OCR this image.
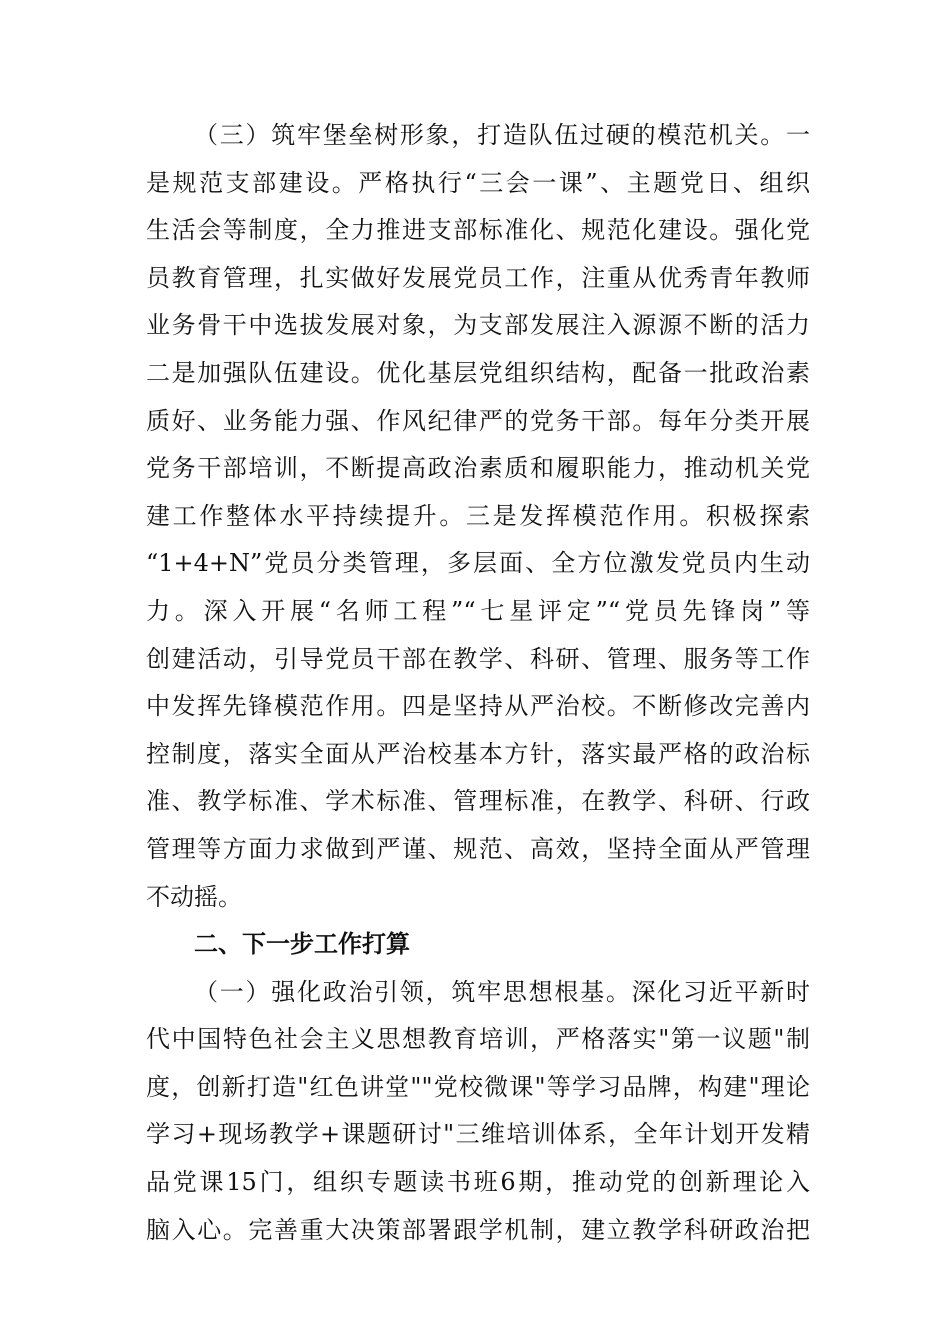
（三）筑牢堡垒树形象，打造队伍过硬的模范机关。一
是规范支部建设。严格执行“三会一课”、主题党日、组织
生活会等制度，全力推进支部标准化、规范化建设。强化党
员教育管理，扎实做好发展党员工作，注重从优秀青年教师
业务骨干中选拔发展对象，为支部发展注入源源不断的活力
二是加强队伍建设。优化基层党组织结构，配备一批政治素
质好、业务能力强、作风纪律严的党务干部。每年分类开展
党务干部培训，不断提高政治素质和履职能力，推动机关党
建工作整体水平持续提升。三是发挥模范作用。积极探索
“1+4+N”党员分类管理，多层面、全方位激发党员内生动
力。深入开展“名师工程”“七星评定”“党员先锋岗”等
创建活动，引导党员干部在教学、科研、管理、服务等工作
中发挥先锋模范作用。四是坚持从严治校。不断修改完善内
控制度，落实全面从严治校基本方针，落实最严格的政治标
准、教学标准、学术标准、管理标准，在教学、科研、行政
管理等方面力求做到严谨、规范、高效，坚持全面从严管理
不动摇。
二、下一步工作打算
（一）强化政治引领，筑牢思想根基。深化习近平新时
代中国特色社会主义思想教育培训，严格落实"第一议题"制
度，创新打造"红色讲堂""党校微课"等学习品牌，构建"理论
学习+现场教学+课题研讨"三维培训体系，全年计划开发精
品党课15门，组织专题读书班6期，推动党的创新理论入
脑入心。完善重大决策部署跟学机制，建立教学科研政治把
